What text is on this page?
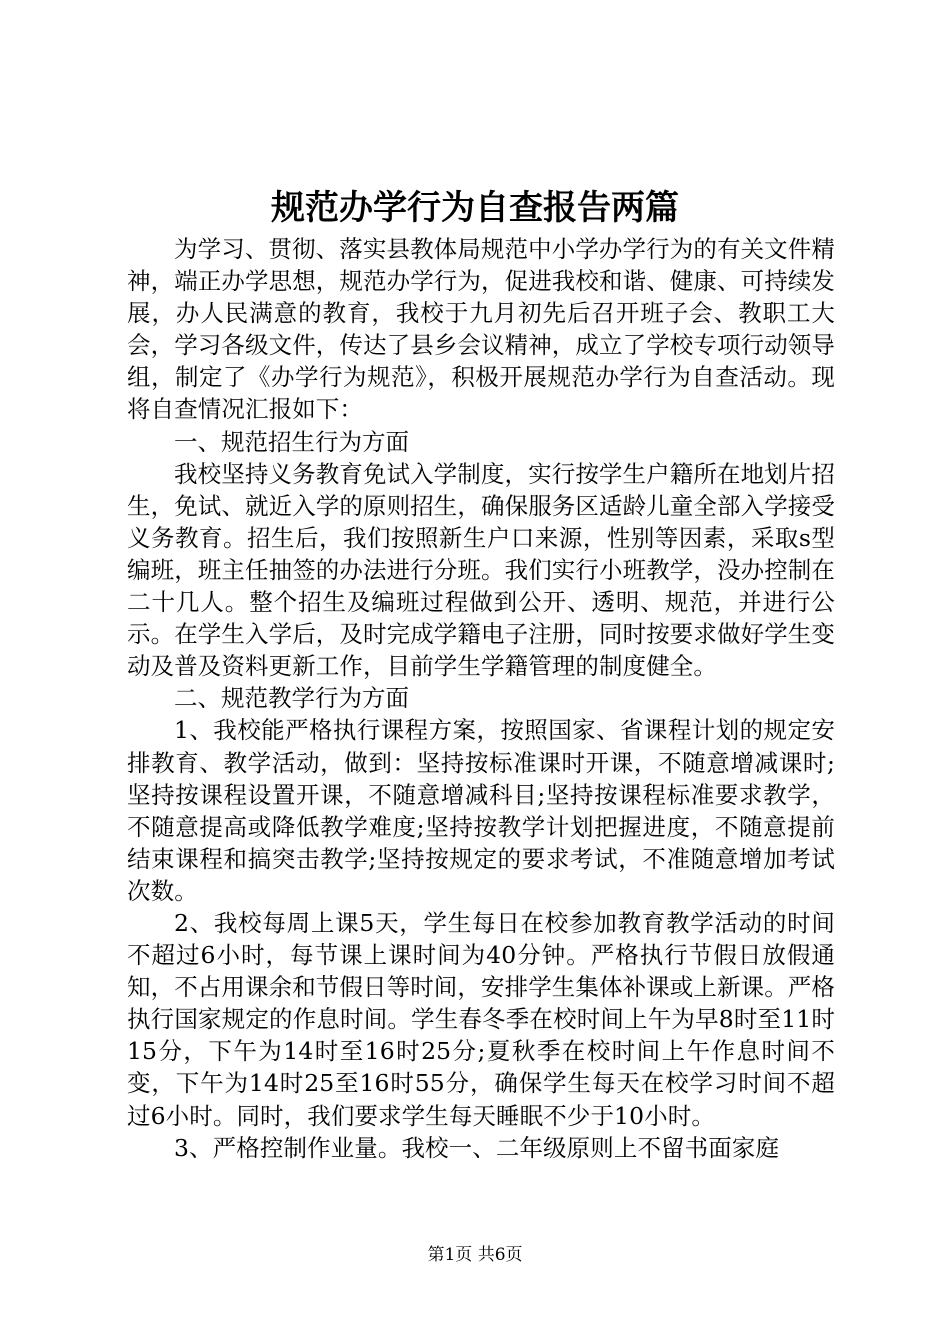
规范办学行为自查报告两篇

为学习、贯彻、落实县教体局规范中小学办学行为的有关文件精神，端正办学思想，规范办学行为，促进我校和谐、健康、可持续发展，办人民满意的教育，我校于九月初先后召开班子会、教职工大会，学习各级文件，传达了县乡会议精神，成立了学校专项行动领导组，制定了《办学行为规范》，积极开展规范办学行为自查活动。现将自查情况汇报如下：

一、规范招生行为方面

我校坚持义务教育免试入学制度，实行按学生户籍所在地划片招生，免试、就近入学的原则招生，确保服务区适龄儿童全部入学接受义务教育。招生后，我们按照新生户口来源，性别等因素，采取s型编班，班主任抽签的办法进行分班。我们实行小班教学，没办控制在二十几人。整个招生及编班过程做到公开、透明、规范，并进行公示。在学生入学后，及时完成学籍电子注册，同时按要求做好学生变动及普及资料更新工作，目前学生学籍管理的制度健全。

二、规范教学行为方面

1、我校能严格执行课程方案，按照国家、省课程计划的规定安排教育、教学活动，做到：坚持按标准课时开课，不随意增减课时;坚持按课程设置开课，不随意增减科目;坚持按课程标准要求教学，不随意提高或降低教学难度;坚持按教学计划把握进度，不随意提前结束课程和搞突击教学;坚持按规定的要求考试，不准随意增加考试次数。

2、我校每周上课5天，学生每日在校参加教育教学活动的时间不超过6小时，每节课上课时间为40分钟。严格执行节假日放假通知，不占用课余和节假日等时间，安排学生集体补课或上新课。严格执行国家规定的作息时间。学生春冬季在校时间上午为早8时至11时15分，下午为14时至16时25分;夏秋季在校时间上午作息时间不变，下午为14时25至16时55分，确保学生每天在校学习时间不超过6小时。同时，我们要求学生每天睡眠不少于10小时。

3、严格控制作业量。我校一、二年级原则上不留书面家庭

第1页 共6页
